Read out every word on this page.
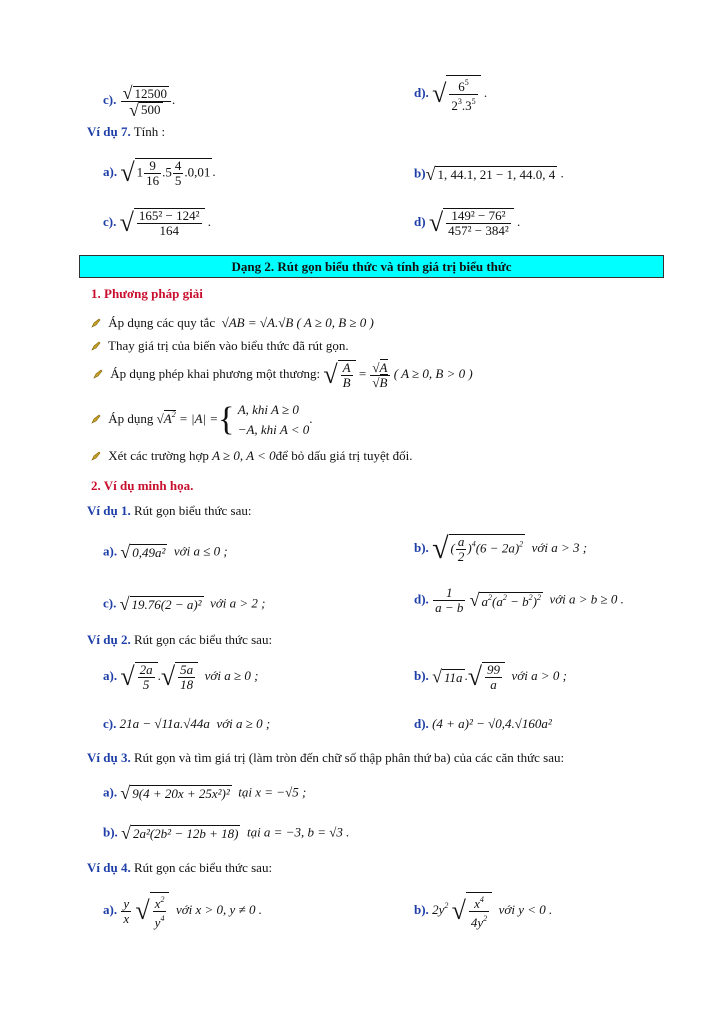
c). $\frac{√ 12500}{√ 500}$ .	d). √ $\frac{6^5}{2^3.3^5}$ .
Ví dụ 7. Tính :
a). √ $1 \frac{9}{16} .5 \frac{4}{5} .0,01$ .	b)√ 1, 44.1, 21 − 1, 44.0, 4 .
c). √ $\frac{\text{165² − 124²}}{164}$ .	d) √ $\frac{\text{149² − 76²}}{\text{457² − 384²}}$ .
Dạng 2. Rút gọn biểu thức và tính giá trị biểu thức
1. Phương pháp giải
Áp dụng các quy tắc √AB = √A.√B ( A ≥ 0, B ≥ 0 )
Thay giá trị của biến vào biểu thức đã rút gọn.
Áp dụng phép khai phương một thương: √ $\frac{A}{B} = \frac{√A}{√B}$ ( A ≥ 0, B > 0 )
Áp dụng $√A^2 = |A|$ ={ A, khi A ≥ 0
−A, khi A < 0
.
Xét các trường hợp A ≥ 0, A < 0để bỏ dấu giá trị tuyệt đối.
2. Ví dụ minh họa.
Ví dụ 1. Rút gọn biểu thức sau:
a). √ 0,49a² với a ≤ 0 ;	b). √ ( $\frac{a}{2} )^4(6 - 2a)^2$ với a > 3 ;
c). √ 19.76(2 − a)² với a > 2 ;	d). $\frac{1}{a - b}$ √ $a^2(a^2 - b^2)^2$ với a > b ≥ 0 .
Ví dụ 2. Rút gọn các biểu thức sau:
a). √ $\frac{2a}{5}$ .√ $\frac{5a}{18}$ với a ≥ 0 ;	b). √ 11a .√ $\frac{99}{a}$ với a > 0 ;
c). 21a − √11a.√44a với a ≥ 0 ;	d). (4 + a)² − √0,4.√160a²
Ví dụ 3. Rút gọn và tìm giá trị (làm tròn đến chữ số thập phân thứ ba) của các căn thức sau:
a). √ 9(4 + 20x + 25x²)² tại x = −√5 ;
b). √ 2a²(2b² − 12b + 18) tại a = −3, b = √3 .
Ví dụ 4. Rút gọn các biểu thức sau:
a). $\frac{y}{x}$ √ $\frac{x^2}{y^4}$ với x > 0, y ≠ 0 .	b). $2y^2$ √ $\frac{x^4}{4y^2}$ với y < 0 .
